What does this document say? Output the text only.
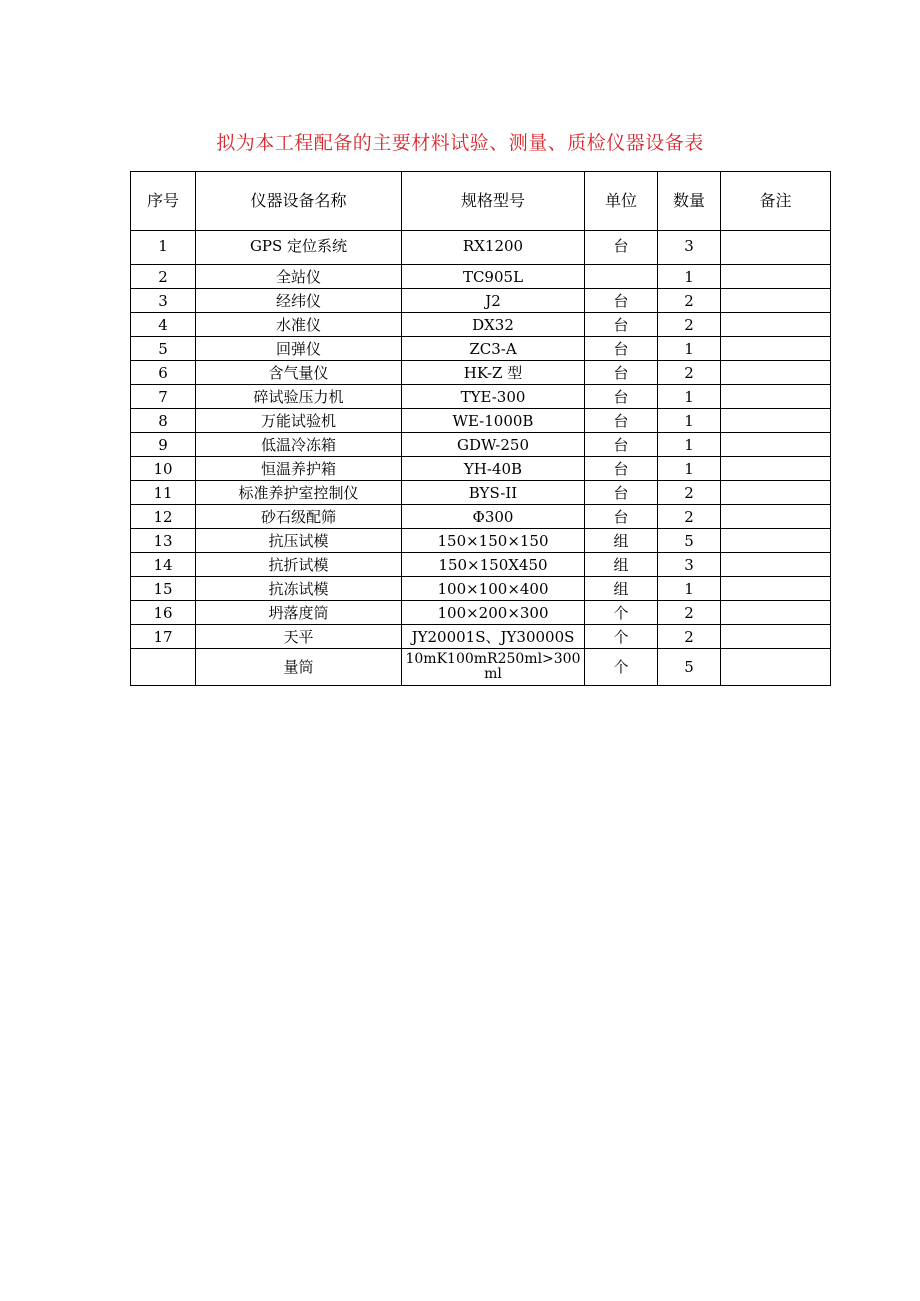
拟为本工程配备的主要材料试验、测量、质检仪器设备表
序号	仪器设备名称	规格型号	单位	数量	备注
1	GPS 定位系统	RX1200	台	3	
2	全站仪	TC905L		1	
3	经纬仪	J2	台	2	
4	水准仪	DX32	台	2	
5	回弹仪	ZC3-A	台	1	
6	含气量仪	HK-Z 型	台	2	
7	碎试验压力机	TYE-300	台	1	
8	万能试验机	WE-1000B	台	1	
9	低温冷冻箱	GDW-250	台	1	
10	恒温养护箱	YH-40B	台	1	
11	标准养护室控制仪	BYS-II	台	2	
12	砂石级配筛	Φ300	台	2	
13	抗压试模	150×150×150	组	5	
14	抗折试模	150×150X450	组	3	
15	抗冻试模	100×100×400	组	1	
16	坍落度筒	100×200×300	个	2	
17	天平	JY20001S、JY30000S	个	2	
	量筒	10mK100mR250ml>300ml	个	5	
